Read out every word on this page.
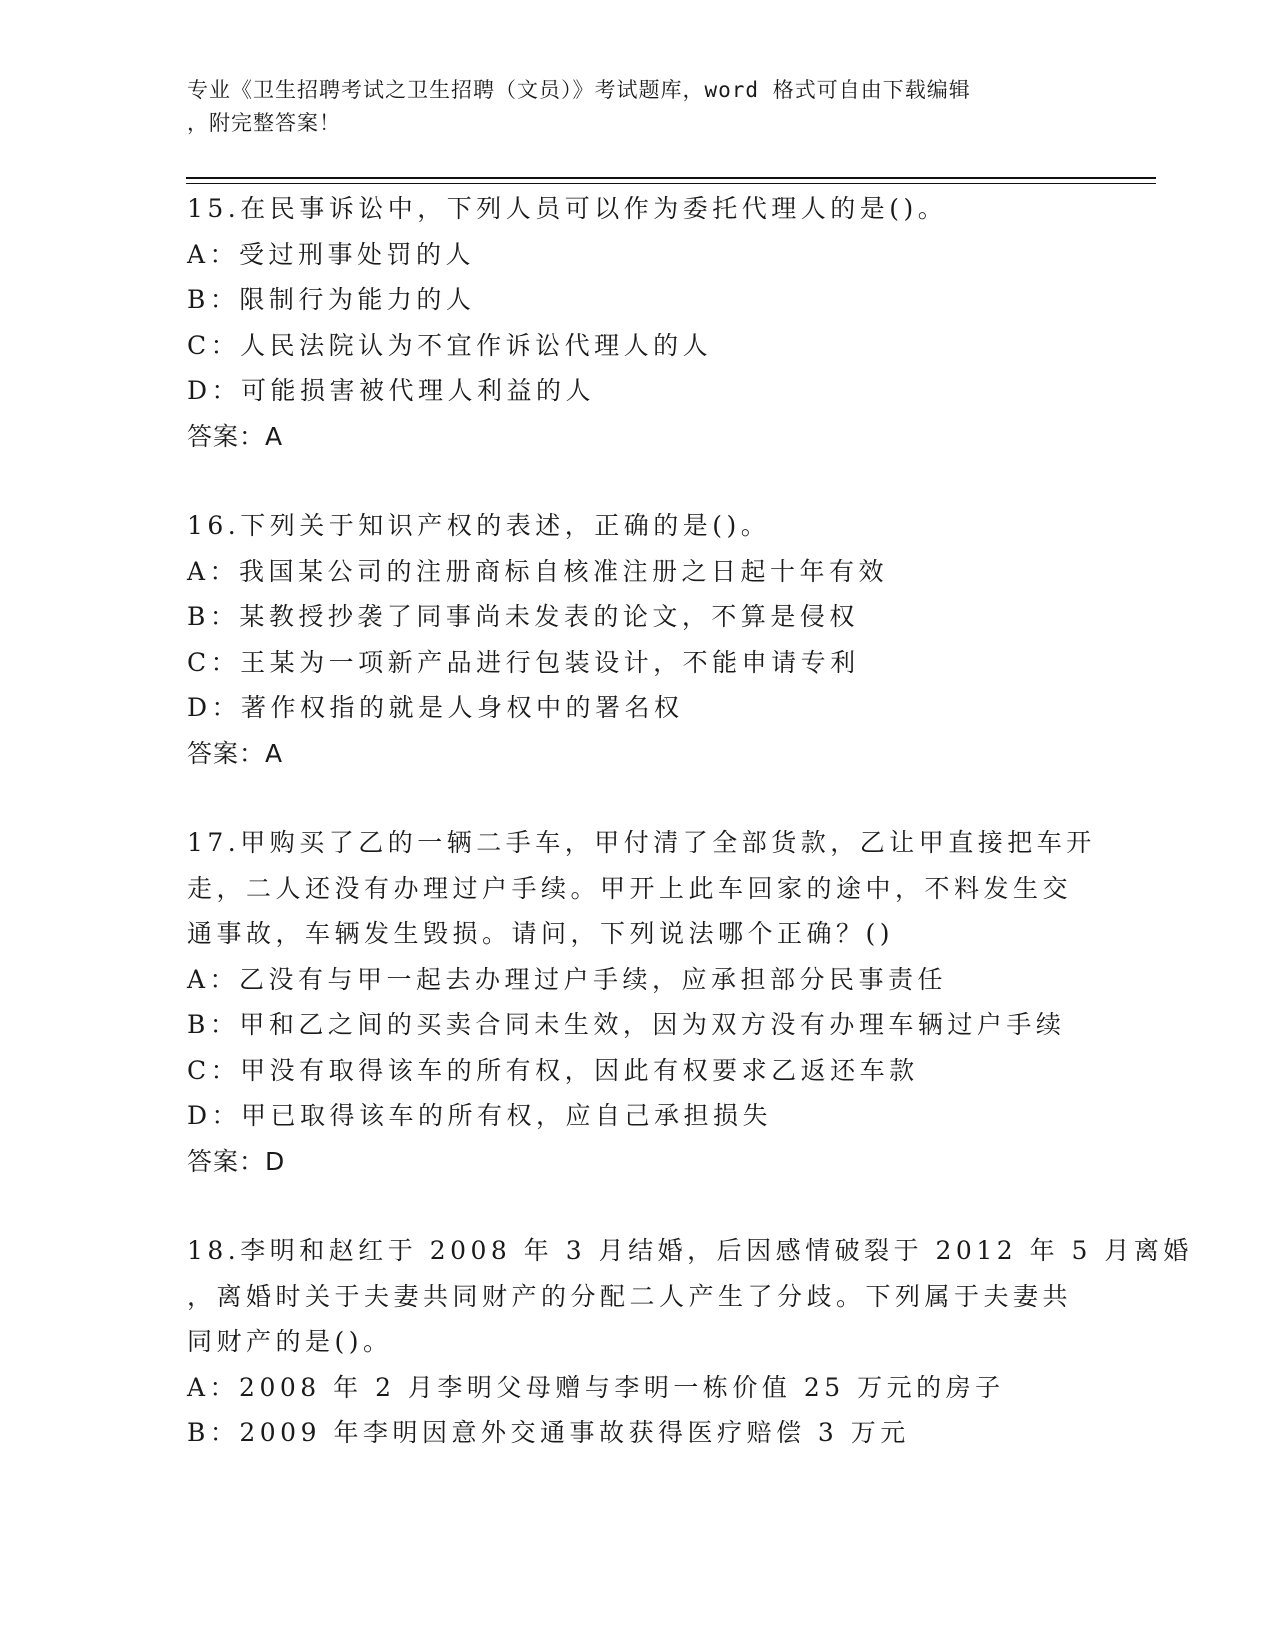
专业《卫生招聘考试之卫生招聘（文员）》考试题库，word 格式可自由下载编辑
，附完整答案！
15.在民事诉讼中，下列人员可以作为委托代理人的是()。
A：受过刑事处罚的人
B：限制行为能力的人
C：人民法院认为不宜作诉讼代理人的人
D：可能损害被代理人利益的人
答案：A
16.下列关于知识产权的表述，正确的是()。
A：我国某公司的注册商标自核准注册之日起十年有效
B：某教授抄袭了同事尚未发表的论文，不算是侵权
C：王某为一项新产品进行包装设计，不能申请专利
D：著作权指的就是人身权中的署名权
答案：A
17.甲购买了乙的一辆二手车，甲付清了全部货款，乙让甲直接把车开
走，二人还没有办理过户手续。甲开上此车回家的途中，不料发生交
通事故，车辆发生毁损。请问，下列说法哪个正确？()
A：乙没有与甲一起去办理过户手续，应承担部分民事责任
B：甲和乙之间的买卖合同未生效，因为双方没有办理车辆过户手续
C：甲没有取得该车的所有权，因此有权要求乙返还车款
D：甲已取得该车的所有权，应自己承担损失
答案：D
18.李明和赵红于 2008 年 3 月结婚，后因感情破裂于 2012 年 5 月离婚
，离婚时关于夫妻共同财产的分配二人产生了分歧。下列属于夫妻共
同财产的是()。
A：2008 年 2 月李明父母赠与李明一栋价值 25 万元的房子
B：2009 年李明因意外交通事故获得医疗赔偿 3 万元
